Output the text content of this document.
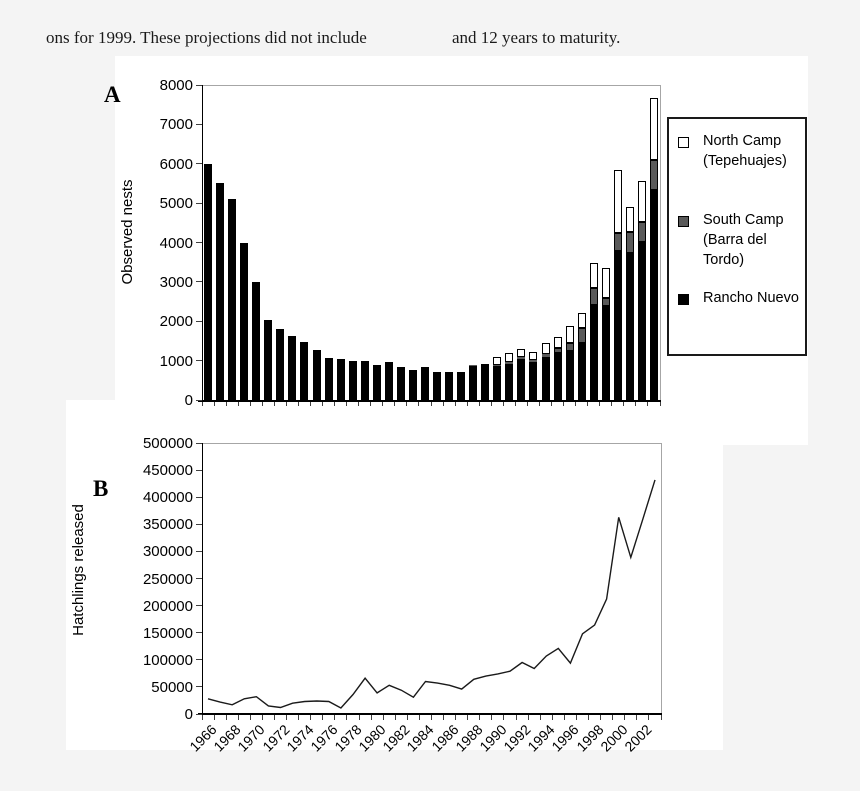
ons for 1999. These projections did not include	and 12 years to maturity.
A
Observed nests
8000
7000
6000
5000
4000
3000
2000
1000
0
North Camp
(Tepehuajes)
South Camp
(Barra del
Tordo)
Rancho Nuevo
B
Hatchlings released
500000
450000
400000
350000
300000
250000
200000
150000
100000
50000
0
1966
1968
1970
1972
1974
1976
1978
1980
1982
1984
1986
1988
1990
1992
1994
1996
1998
2000
2002
